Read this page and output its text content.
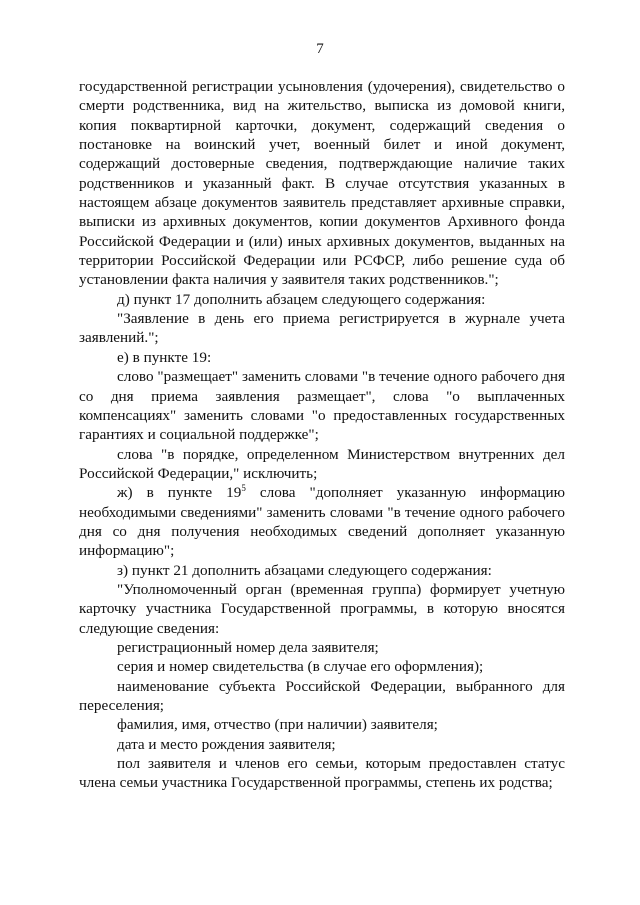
7

государственной регистрации усыновления (удочерения), свидетельство о смерти родственника, вид на жительство, выписка из домовой книги, копия поквартирной карточки, документ, содержащий сведения о постановке на воинский учет, военный билет и иной документ, содержащий достоверные сведения, подтверждающие наличие таких родственников и указанный факт. В случае отсутствия указанных в настоящем абзаце документов заявитель представляет архивные справки, выписки из архивных документов, копии документов Архивного фонда Российской Федерации и (или) иных архивных документов, выданных на территории Российской Федерации или РСФСР, либо решение суда об установлении факта наличия у заявителя таких родственников.";

д) пункт 17 дополнить абзацем следующего содержания:

"Заявление в день его приема регистрируется в журнале учета заявлений.";

е) в пункте 19:

слово "размещает" заменить словами "в течение одного рабочего дня со дня приема заявления размещает", слова "о выплаченных компенсациях" заменить словами "о предоставленных государственных гарантиях и социальной поддержке";

слова "в порядке, определенном Министерством внутренних дел Российской Федерации," исключить;

ж) в пункте $19^5$ слова "дополняет указанную информацию необходимыми сведениями" заменить словами "в течение одного рабочего дня со дня получения необходимых сведений дополняет указанную информацию";

з) пункт 21 дополнить абзацами следующего содержания:

"Уполномоченный орган (временная группа) формирует учетную карточку участника Государственной программы, в которую вносятся следующие сведения:

регистрационный номер дела заявителя;

серия и номер свидетельства (в случае его оформления);

наименование субъекта Российской Федерации, выбранного для переселения;

фамилия, имя, отчество (при наличии) заявителя;

дата и место рождения заявителя;

пол заявителя и членов его семьи, которым предоставлен статус члена семьи участника Государственной программы, степень их родства;
